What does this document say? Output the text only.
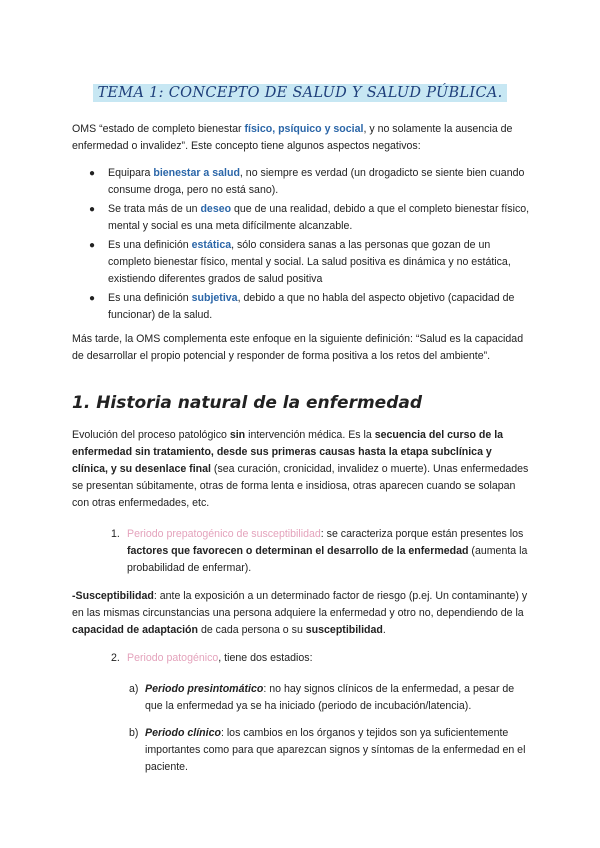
TEMA 1: CONCEPTO DE SALUD Y SALUD PÚBLICA.
OMS “estado de completo bienestar físico, psíquico y social, y no solamente la ausencia de enfermedad o invalidez”. Este concepto tiene algunos aspectos negativos:
● Equipara bienestar a salud, no siempre es verdad (un drogadicto se siente bien cuando consume droga, pero no está sano).
● Se trata más de un deseo que de una realidad, debido a que el completo bienestar físico, mental y social es una meta difícilmente alcanzable.
● Es una definición estática, sólo considera sanas a las personas que gozan de un completo bienestar físico, mental y social. La salud positiva es dinámica y no estática, existiendo diferentes grados de salud positiva
● Es una definición subjetiva, debido a que no habla del aspecto objetivo (capacidad de funcionar) de la salud.
Más tarde, la OMS complementa este enfoque en la siguiente definición: “Salud es la capacidad de desarrollar el propio potencial y responder de forma positiva a los retos del ambiente”.
1. Historia natural de la enfermedad
Evolución del proceso patológico sin intervención médica. Es la secuencia del curso de la enfermedad sin tratamiento, desde sus primeras causas hasta la etapa subclínica y clínica, y su desenlace final (sea curación, cronicidad, invalidez o muerte). Unas enfermedades se presentan súbitamente, otras de forma lenta e insidiosa, otras aparecen cuando se solapan con otras enfermedades, etc.
1. Periodo prepatogénico de susceptibilidad: se caracteriza porque están presentes los factores que favorecen o determinan el desarrollo de la enfermedad (aumenta la probabilidad de enfermar).
-Susceptibilidad: ante la exposición a un determinado factor de riesgo (p.ej. Un contaminante) y en las mismas circunstancias una persona adquiere la enfermedad y otro no, dependiendo de la capacidad de adaptación de cada persona o su susceptibilidad.
2. Periodo patogénico, tiene dos estadios:
a) Periodo presintomático: no hay signos clínicos de la enfermedad, a pesar de que la enfermedad ya se ha iniciado (periodo de incubación/latencia).
b) Periodo clínico: los cambios en los órganos y tejidos son ya suficientemente importantes como para que aparezcan signos y síntomas de la enfermedad en el paciente.
